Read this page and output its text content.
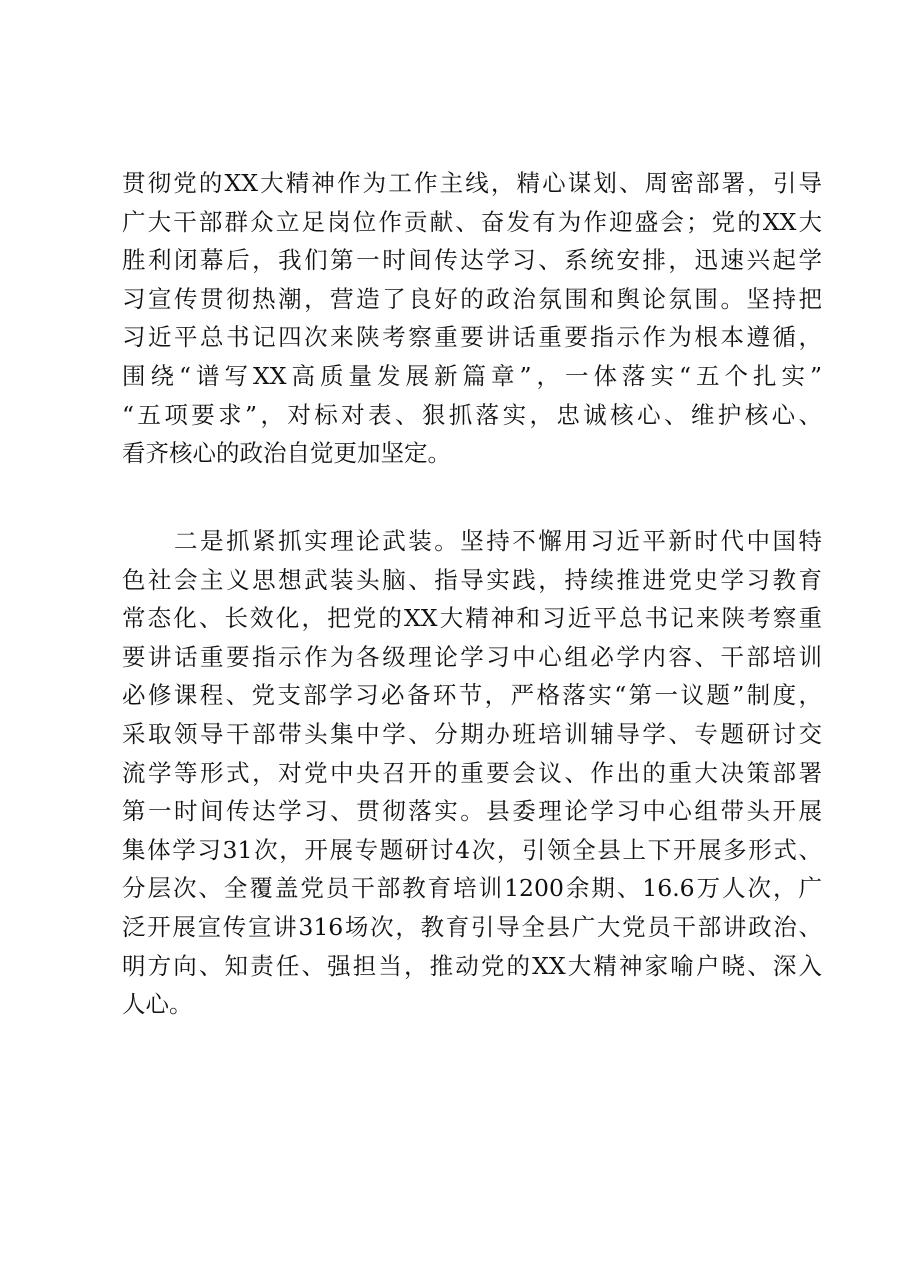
贯彻党的XX大精神作为工作主线，精心谋划、周密部署，引导
广大干部群众立足岗位作贡献、奋发有为作迎盛会；党的XX大
胜利闭幕后，我们第一时间传达学习、系统安排，迅速兴起学
习宣传贯彻热潮，营造了良好的政治氛围和舆论氛围。坚持把
习近平总书记四次来陕考察重要讲话重要指示作为根本遵循，
围绕“谱写XX高质量发展新篇章”，一体落实“五个扎实”
“五项要求”，对标对表、狠抓落实，忠诚核心、维护核心、
看齐核心的政治自觉更加坚定。
　　二是抓紧抓实理论武装。坚持不懈用习近平新时代中国特
色社会主义思想武装头脑、指导实践，持续推进党史学习教育
常态化、长效化，把党的XX大精神和习近平总书记来陕考察重
要讲话重要指示作为各级理论学习中心组必学内容、干部培训
必修课程、党支部学习必备环节，严格落实“第一议题”制度，
采取领导干部带头集中学、分期办班培训辅导学、专题研讨交
流学等形式，对党中央召开的重要会议、作出的重大决策部署
第一时间传达学习、贯彻落实。县委理论学习中心组带头开展
集体学习31次，开展专题研讨4次，引领全县上下开展多形式、
分层次、全覆盖党员干部教育培训1200余期、16.6万人次，广
泛开展宣传宣讲316场次，教育引导全县广大党员干部讲政治、
明方向、知责任、强担当，推动党的XX大精神家喻户晓、深入
人心。
